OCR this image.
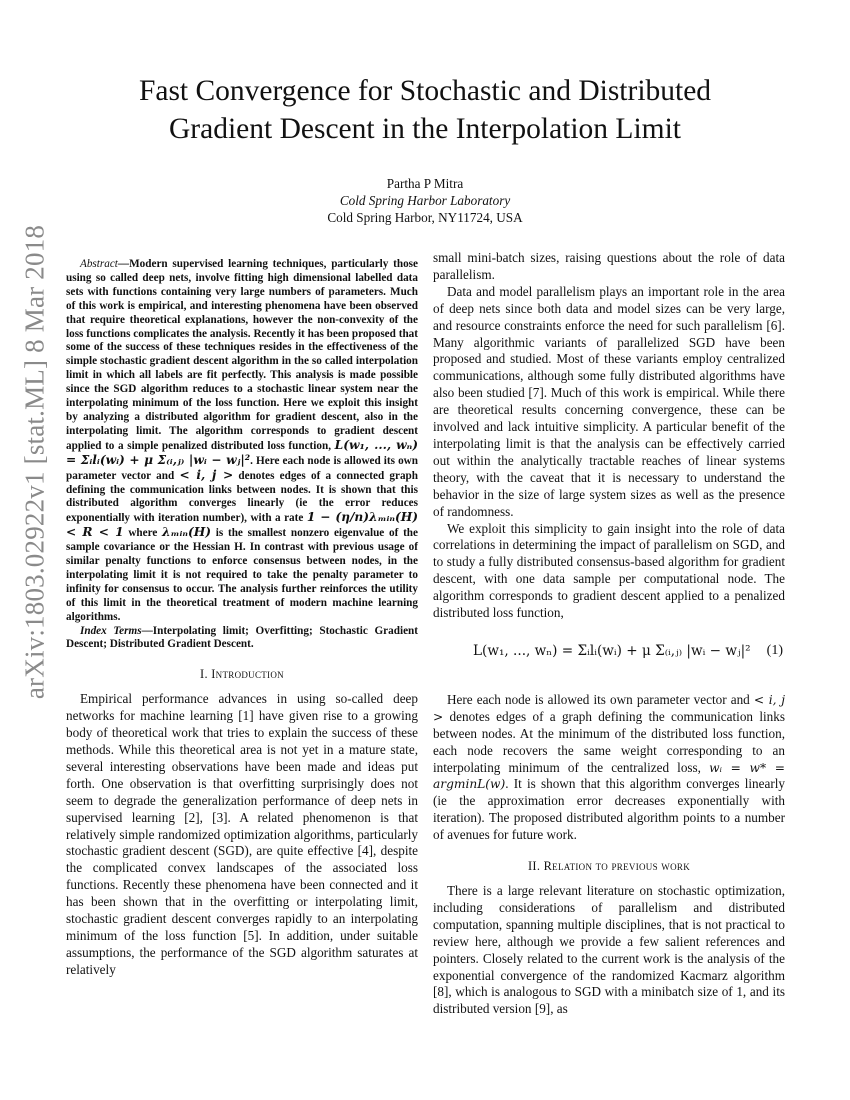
arXiv:1803.02922v1 [stat.ML] 8 Mar 2018
Fast Convergence for Stochastic and Distributed
Gradient Descent in the Interpolation Limit
Partha P Mitra
Cold Spring Harbor Laboratory
Cold Spring Harbor, NY11724, USA

Abstract—Modern supervised learning techniques, particularly those using so called deep nets, involve fitting high dimensional labelled data sets with functions containing very large numbers of parameters. Much of this work is empirical, and interesting phenomena have been observed that require theoretical explanations, however the non-convexity of the loss functions complicates the analysis. Recently it has been proposed that some of the success of these techniques resides in the effectiveness of the simple stochastic gradient descent algorithm in the so called interpolation limit in which all labels are fit perfectly. This analysis is made possible since the SGD algorithm reduces to a stochastic linear system near the interpolating minimum of the loss function. Here we exploit this insight by analyzing a distributed algorithm for gradient descent, also in the interpolating limit. The algorithm corresponds to gradient descent applied to a simple penalized distributed loss function, L(w₁, ..., wₙ) = Σᵢlᵢ(wᵢ) + μ Σ₍ᵢ,ⱼ₎ |wᵢ − wⱼ|². Here each node is allowed its own parameter vector and < i, j > denotes edges of a connected graph defining the communication links between nodes. It is shown that this distributed algorithm converges linearly (ie the error reduces exponentially with iteration number), with a rate 1 − (η/n)λₘᵢₙ(H) < R < 1 where λₘᵢₙ(H) is the smallest nonzero eigenvalue of the sample covariance or the Hessian H. In contrast with previous usage of similar penalty functions to enforce consensus between nodes, in the interpolating limit it is not required to take the penalty parameter to infinity for consensus to occur. The analysis further reinforces the utility of this limit in the theoretical treatment of modern machine learning algorithms.

Index Terms—Interpolating limit; Overfitting; Stochastic Gradient Descent; Distributed Gradient Descent.

I. Introduction

Empirical performance advances in using so-called deep networks for machine learning [1] have given rise to a growing body of theoretical work that tries to explain the success of these methods. While this theoretical area is not yet in a mature state, several interesting observations have been made and ideas put forth. One observation is that overfitting surprisingly does not seem to degrade the generalization performance of deep nets in supervised learning [2], [3]. A related phenomenon is that relatively simple randomized optimization algorithms, particularly stochastic gradient descent (SGD), are quite effective [4], despite the complicated convex landscapes of the associated loss functions. Recently these phenomena have been connected and it has been shown that in the overfitting or interpolating limit, stochastic gradient descent converges rapidly to an interpolating minimum of the loss function [5]. In addition, under suitable assumptions, the performance of the SGD algorithm saturates at relatively

small mini-batch sizes, raising questions about the role of data parallelism.

Data and model parallelism plays an important role in the area of deep nets since both data and model sizes can be very large, and resource constraints enforce the need for such parallelism [6]. Many algorithmic variants of parallelized SGD have been proposed and studied. Most of these variants employ centralized communications, although some fully distributed algorithms have also been studied [7]. Much of this work is empirical. While there are theoretical results concerning convergence, these can be involved and lack intuitive simplicity. A particular benefit of the interpolating limit is that the analysis can be effectively carried out within the analytically tractable reaches of linear systems theory, with the caveat that it is necessary to understand the behavior in the size of large system sizes as well as the presence of randomness.

We exploit this simplicity to gain insight into the role of data correlations in determining the impact of parallelism on SGD, and to study a fully distributed consensus-based algorithm for gradient descent, with one data sample per computational node. The algorithm corresponds to gradient descent applied to a penalized distributed loss function,

L(w₁, ..., wₙ) = Σᵢlᵢ(wᵢ) + μ Σ₍ᵢ,ⱼ₎ |wᵢ − wⱼ|² (1)

Here each node is allowed its own parameter vector and < i, j > denotes edges of a graph defining the communication links between nodes. At the minimum of the distributed loss function, each node recovers the same weight corresponding to an interpolating minimum of the centralized loss, wᵢ = w* = argminL(w). It is shown that this algorithm converges linearly (ie the approximation error decreases exponentially with iteration). The proposed distributed algorithm points to a number of avenues for future work.

II. Relation to previous work

There is a large relevant literature on stochastic optimization, including considerations of parallelism and distributed computation, spanning multiple disciplines, that is not practical to review here, although we provide a few salient references and pointers. Closely related to the current work is the analysis of the exponential convergence of the randomized Kacmarz algorithm [8], which is analogous to SGD with a minibatch size of 1, and its distributed version [9], as
